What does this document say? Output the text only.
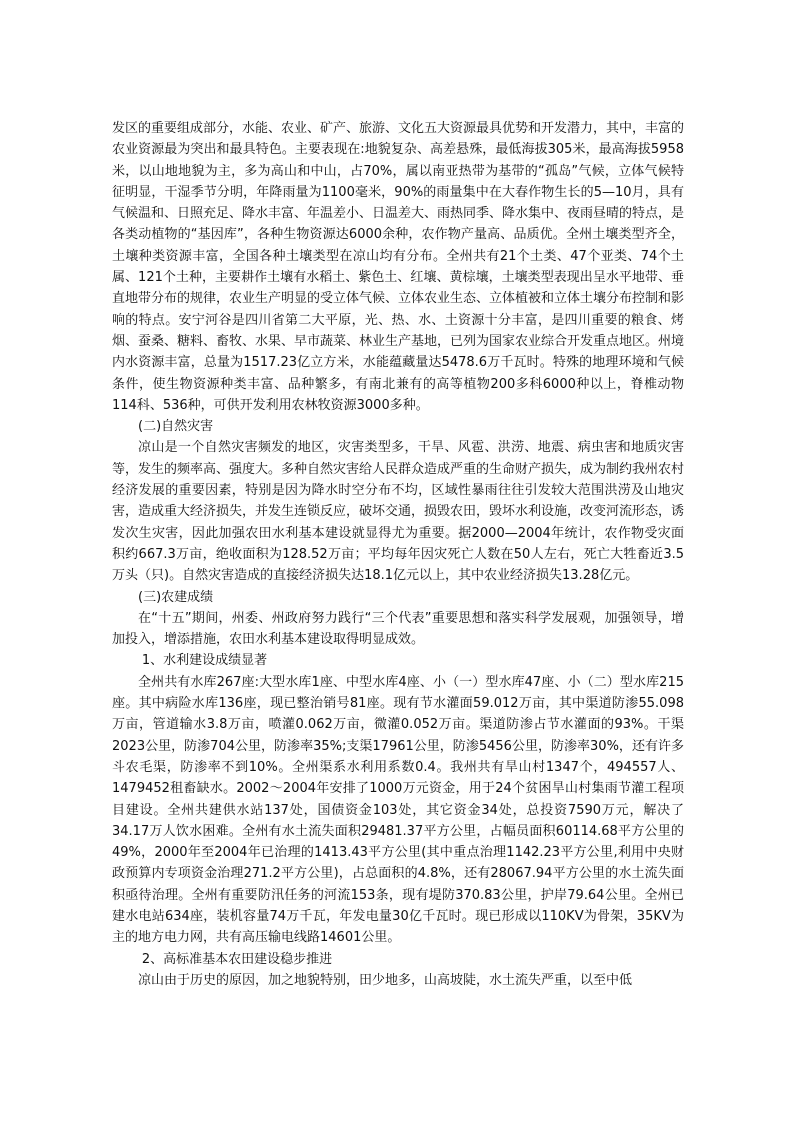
发区的重要组成部分，水能、农业、矿产、旅游、文化五大资源最具优势和开发潜力，其中，丰富的农业资源最为突出和最具特色。主要表现在:地貌复杂、高差悬殊，最低海拔305米，最高海拔5958米，以山地地貌为主，多为高山和中山，占70%，属以南亚热带为基带的“孤岛”气候，立体气候特征明显，干湿季节分明，年降雨量为1100毫米，90%的雨量集中在大春作物生长的5—10月，具有气候温和、日照充足、降水丰富、年温差小、日温差大、雨热同季、降水集中、夜雨昼晴的特点，是各类动植物的“基因库”，各种生物资源达6000余种，农作物产量高、品质优。全州土壤类型齐全，土壤种类资源丰富，全国各种土壤类型在凉山均有分布。全州共有21个土类、47个亚类、74个土属、121个土种，主要耕作土壤有水稻土、紫色土、红壤、黄棕壤，土壤类型表现出呈水平地带、垂直地带分布的规律，农业生产明显的受立体气候、立体农业生态、立体植被和立体土壤分布控制和影响的特点。安宁河谷是四川省第二大平原，光、热、水、土资源十分丰富，是四川重要的粮食、烤烟、蚕桑、糖料、畜牧、水果、早市蔬菜、林业生产基地，已列为国家农业综合开发重点地区。州境内水资源丰富，总量为1517.23亿立方米，水能蕴藏量达5478.6万千瓦时。特殊的地理环境和气候条件，使生物资源种类丰富、品种繁多，有南北兼有的高等植物200多科6000种以上，脊椎动物114科、536种，可供开发利用农林牧资源3000多种。

(二)自然灾害

凉山是一个自然灾害频发的地区，灾害类型多，干旱、风雹、洪涝、地震、病虫害和地质灾害等，发生的频率高、强度大。多种自然灾害给人民群众造成严重的生命财产损失，成为制约我州农村经济发展的重要因素，特别是因为降水时空分布不均，区域性暴雨往往引发较大范围洪涝及山地灾害，造成重大经济损失，并发生连锁反应，破坏交通，损毁农田，毁坏水利设施，改变河流形态，诱发次生灾害，因此加强农田水利基本建设就显得尤为重要。据2000—2004年统计，农作物受灾面积约667.3万亩，绝收面积为128.52万亩；平均每年因灾死亡人数在50人左右，死亡大牲畜近3.5万头（只)。自然灾害造成的直接经济损失达18.1亿元以上，其中农业经济损失13.28亿元。

(三)农建成绩

在“十五”期间，州委、州政府努力践行“三个代表”重要思想和落实科学发展观，加强领导，增加投入，增添措施，农田水利基本建设取得明显成效。

1、水利建设成绩显著

全州共有水库267座:大型水库1座、中型水库4座、小（一）型水库47座、小（二）型水库215座。其中病险水库136座，现已整治销号81座。现有节水灌面59.012万亩，其中渠道防渗55.098万亩，管道输水3.8万亩，喷灌0.062万亩，微灌0.052万亩。渠道防渗占节水灌面的93%。干渠2023公里，防渗704公里，防渗率35%;支渠17961公里，防渗5456公里，防渗率30%，还有许多斗农毛渠，防渗率不到10%。全州渠系水利用系数0.4。我州共有旱山村1347个，494557人、1479452租畜缺水。2002～2004年安排了1000万元资金，用于24个贫困旱山村集雨节灌工程项目建设。全州共建供水站137处，国债资金103处，其它资金34处，总投资7590万元，解决了34.17万人饮水困难。全州有水土流失面积29481.37平方公里，占幅员面积60114.68平方公里的49%，2000年至2004年已治理的1413.43平方公里(其中重点治理1142.23平方公里,利用中央财政预算内专项资金治理271.2平方公里)，占总面积的4.8%，还有28067.94平方公里的水土流失面积亟待治理。全州有重要防汛任务的河流153条，现有堤防370.83公里，护岸79.64公里。全州已建水电站634座，装机容量74万千瓦，年发电量30亿千瓦时。现已形成以110KV为骨架，35KV为主的地方电力网，共有高压输电线路14601公里。

2、高标准基本农田建设稳步推进

凉山由于历史的原因，加之地貌特别，田少地多，山高坡陡，水土流失严重，以至中低
